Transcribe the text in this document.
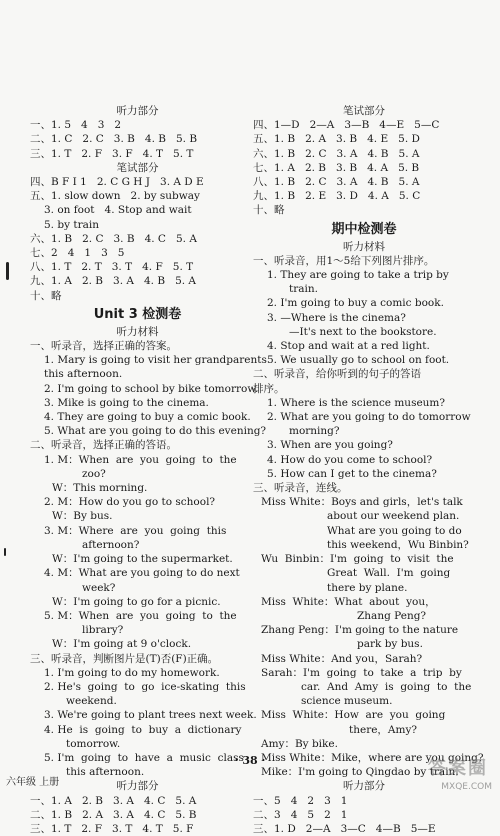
听力部分
一、1. 5   4   3   2
二、1. C   2. C   3. B   4. B   5. B
三、1. T   2. F   3. F   4. T   5. T
笔试部分
四、B F I 1   2. C G H J   3. A D E
五、1. slow down   2. by subway
3. on foot   4. Stop and wait
5. by train
六、1. B   2. C   3. B   4. C   5. A
七、2   4   1   3   5
八、1. T   2. T   3. T   4. F   5. T
九、1. A   2. B   3. A   4. B   5. A
十、略
Unit 3 检测卷
听力材料
一、听录音，选择正确的答案。
1. Mary is going to visit her grandparents
this afternoon.
2. I'm going to school by bike tomorrow.
3. Mike is going to the cinema.
4. They are going to buy a comic book.
5. What are you going to do this evening?
二、听录音，选择正确的答语。
1. M：When  are  you  going  to  the
zoo?
W：This morning.
2. M：How do you go to school?
W：By bus.
3. M：Where  are  you  going  this
afternoon?
W：I'm going to the supermarket.
4. M：What are you going to do next
week?
W：I'm going to go for a picnic.
5. M：When  are  you  going  to  the
library?
W：I'm going at 9 o'clock.
三、听录音，判断图片是(T)否(F)正确。
1. I'm going to do my homework.
2. He's  going  to  go  ice-skating  this
weekend.
3. We're going to plant trees next week.
4. He  is  going  to  buy  a  dictionary
tomorrow.
5. I'm  going  to  have  a  music  class
this afternoon.
听力部分
一、1. A   2. B   3. A   4. C   5. A
二、1. B   2. A   3. A   4. C   5. B
三、1. T   2. F   3. T   4. T   5. F
笔试部分
四、1—D   2—A   3—B   4—E   5—C
五、1. B   2. A   3. B   4. E   5. D
六、1. B   2. C   3. A   4. B   5. A
七、1. A   2. B   3. B   4. A   5. B
八、1. B   2. C   3. A   4. B   5. A
九、1. B   2. E   3. D   4. A   5. C
十、略
期中检测卷
听力材料
一、听录音，用1～5给下列图片排序。
1. They are going to take a trip by
train.
2. I'm going to buy a comic book.
3. —Where is the cinema?
—It's next to the bookstore.
4. Stop and wait at a red light.
5. We usually go to school on foot.
二、听录音，给你听到的句子的答语
排序。
1. Where is the science museum?
2. What are you going to do tomorrow
morning?
3. When are you going?
4. How do you come to school?
5. How can I get to the cinema?
三、听录音，连线。
Miss White：Boys and girls，let's talk
about our weekend plan.
What are you going to do
this weekend，Wu Binbin?
Wu  Binbin：I'm  going  to  visit  the
Great  Wall.  I'm  going
there by plane.
Miss  White：What  about  you，
Zhang Peng?
Zhang Peng：I'm going to the nature
park by bus.
Miss White：And you，Sarah?
Sarah：I'm  going  to  take  a  trip  by
car.  And  Amy  is  going  to  the
science museum.
Miss  White：How  are  you  going
there，Amy?
Amy：By bike.
Miss White：Mike，where are you going?
Mike：I'm going to Qingdao by train.
听力部分
一、5   4   2   3   1
二、3   4   5   2   1
三、1. D   2—A   3—C   4—B   5—E
· 38 ·
六年级 上册
答案圈
MXQE.COM
